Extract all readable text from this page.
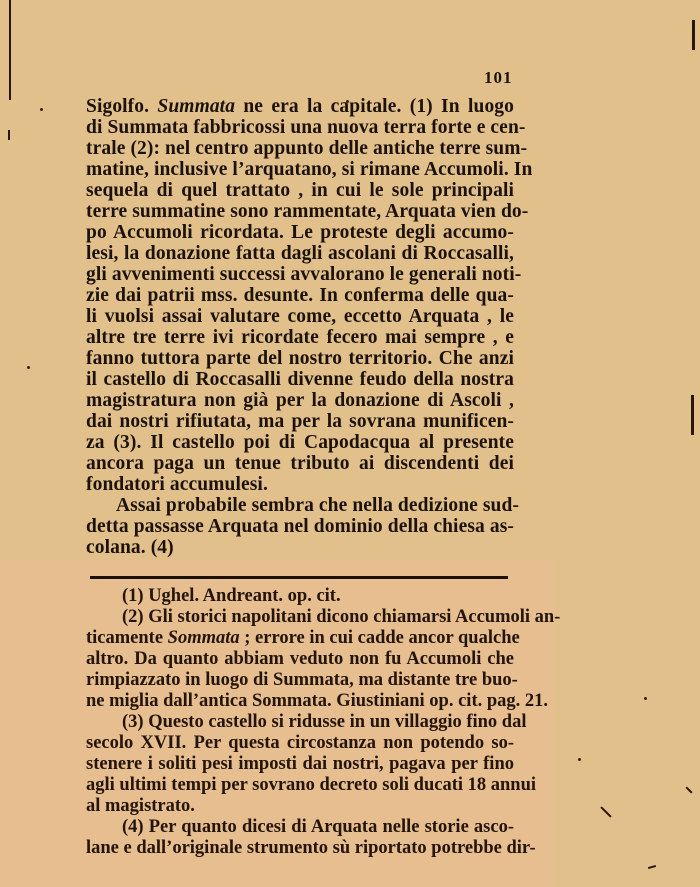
101
Sigolfo. Summata ne era la capitale. (1) In luogo
di Summata fabbricossi una nuova terra forte e cen-
trale (2): nel centro appunto delle antiche terre sum-
matine, inclusive l’arquatano, si rimane Accumoli. In
sequela di quel trattato , in cui le sole principali
terre summatine sono rammentate, Arquata vien do-
po Accumoli ricordata. Le proteste degli accumo-
lesi, la donazione fatta dagli ascolani di Roccasalli,
gli avvenimenti successi avvalorano le generali noti-
zie dai patrii mss. desunte. In conferma delle qua-
li vuolsi assai valutare come, eccetto Arquata , le
altre tre terre ivi ricordate fecero mai sempre , e
fanno tuttora parte del nostro territorio. Che anzi
il castello di Roccasalli divenne feudo della nostra
magistratura non già per la donazione di Ascoli ,
dai nostri rifiutata, ma per la sovrana munificen-
za (3). Il castello poi di Capodacqua al presente
ancora paga un tenue tributo ai discendenti dei
fondatori accumulesi.
Assai probabile sembra che nella dedizione sud-
detta passasse Arquata nel dominio della chiesa as-
colana. (4)
(1) Ughel. Andreant. op. cit.
(2) Gli storici napolitani dicono chiamarsi Accumoli an-
ticamente Sommata ; errore in cui cadde ancor qualche
altro. Da quanto abbiam veduto non fu Accumoli che
rimpiazzato in luogo di Summata, ma distante tre buo-
ne miglia dall’antica Sommata. Giustiniani op. cit. pag. 21.
(3) Questo castello si ridusse in un villaggio fino dal
secolo XVII. Per questa circostanza non potendo so-
stenere i soliti pesi imposti dai nostri, pagava per fino
agli ultimi tempi per sovrano decreto soli ducati 18 annui
al magistrato.
(4) Per quanto dicesi di Arquata nelle storie asco-
lane e dall’originale strumento sù riportato potrebbe dir-
